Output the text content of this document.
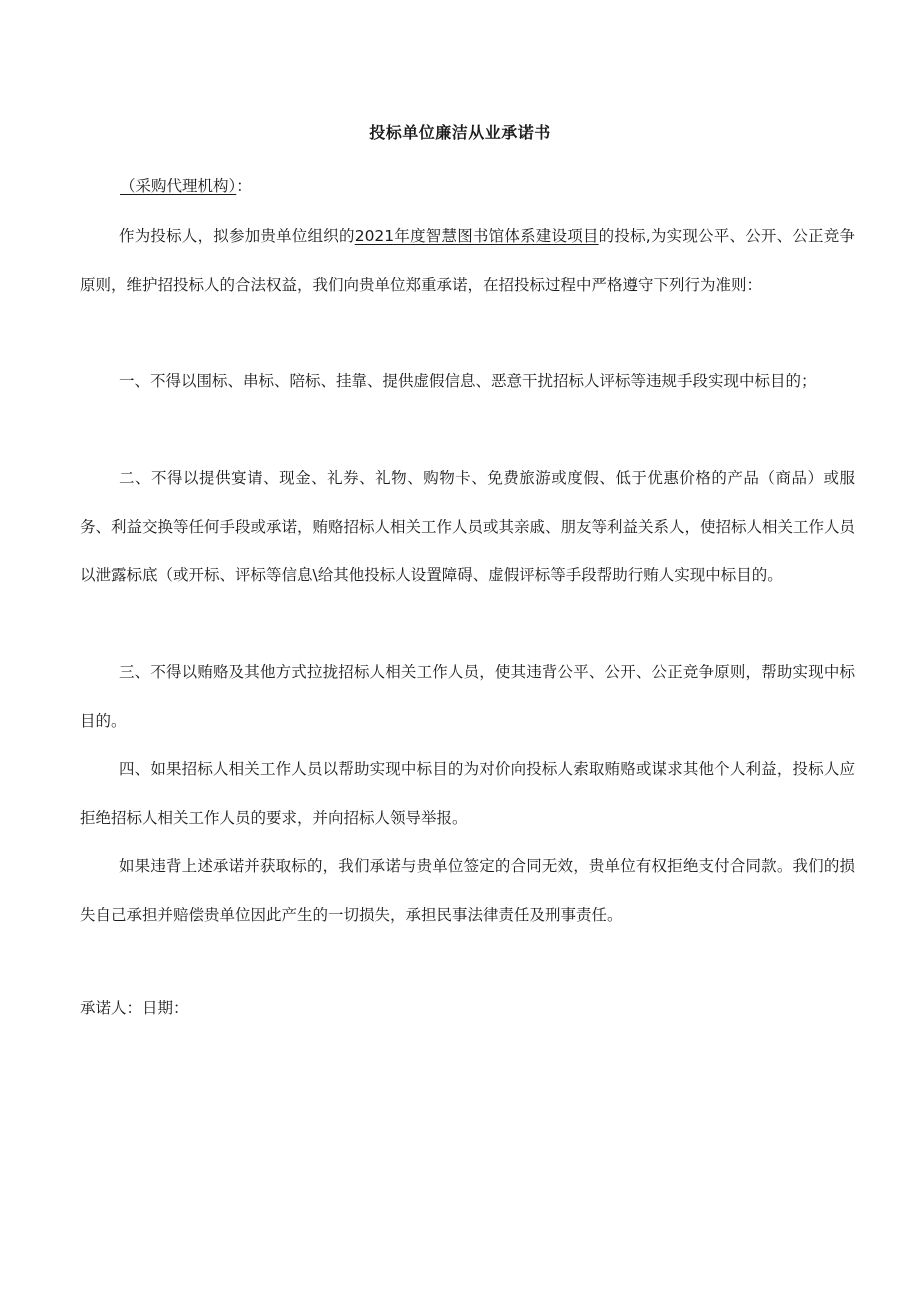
投标单位廉洁从业承诺书
（采购代理机构）：

作为投标人，拟参加贵单位组织的2021年度智慧图书馆体系建设项目的投标,为实现公平、公开、公正竞争原则，维护招投标人的合法权益，我们向贵单位郑重承诺，在招投标过程中严格遵守下列行为准则：

一、不得以围标、串标、陪标、挂靠、提供虚假信息、恶意干扰招标人评标等违规手段实现中标目的；

二、不得以提供宴请、现金、礼券、礼物、购物卡、免费旅游或度假、低于优惠价格的产品（商品）或服务、利益交换等任何手段或承诺，贿赂招标人相关工作人员或其亲戚、朋友等利益关系人，使招标人相关工作人员以泄露标底（或开标、评标等信息\给其他投标人设置障碍、虚假评标等手段帮助行贿人实现中标目的。

三、不得以贿赂及其他方式拉拢招标人相关工作人员，使其违背公平、公开、公正竞争原则，帮助实现中标目的。

四、如果招标人相关工作人员以帮助实现中标目的为对价向投标人索取贿赂或谋求其他个人利益，投标人应拒绝招标人相关工作人员的要求，并向招标人领导举报。

如果违背上述承诺并获取标的，我们承诺与贵单位签定的合同无效，贵单位有权拒绝支付合同款。我们的损失自己承担并赔偿贵单位因此产生的一切损失，承担民事法律责任及刑事责任。

承诺人：日期：
